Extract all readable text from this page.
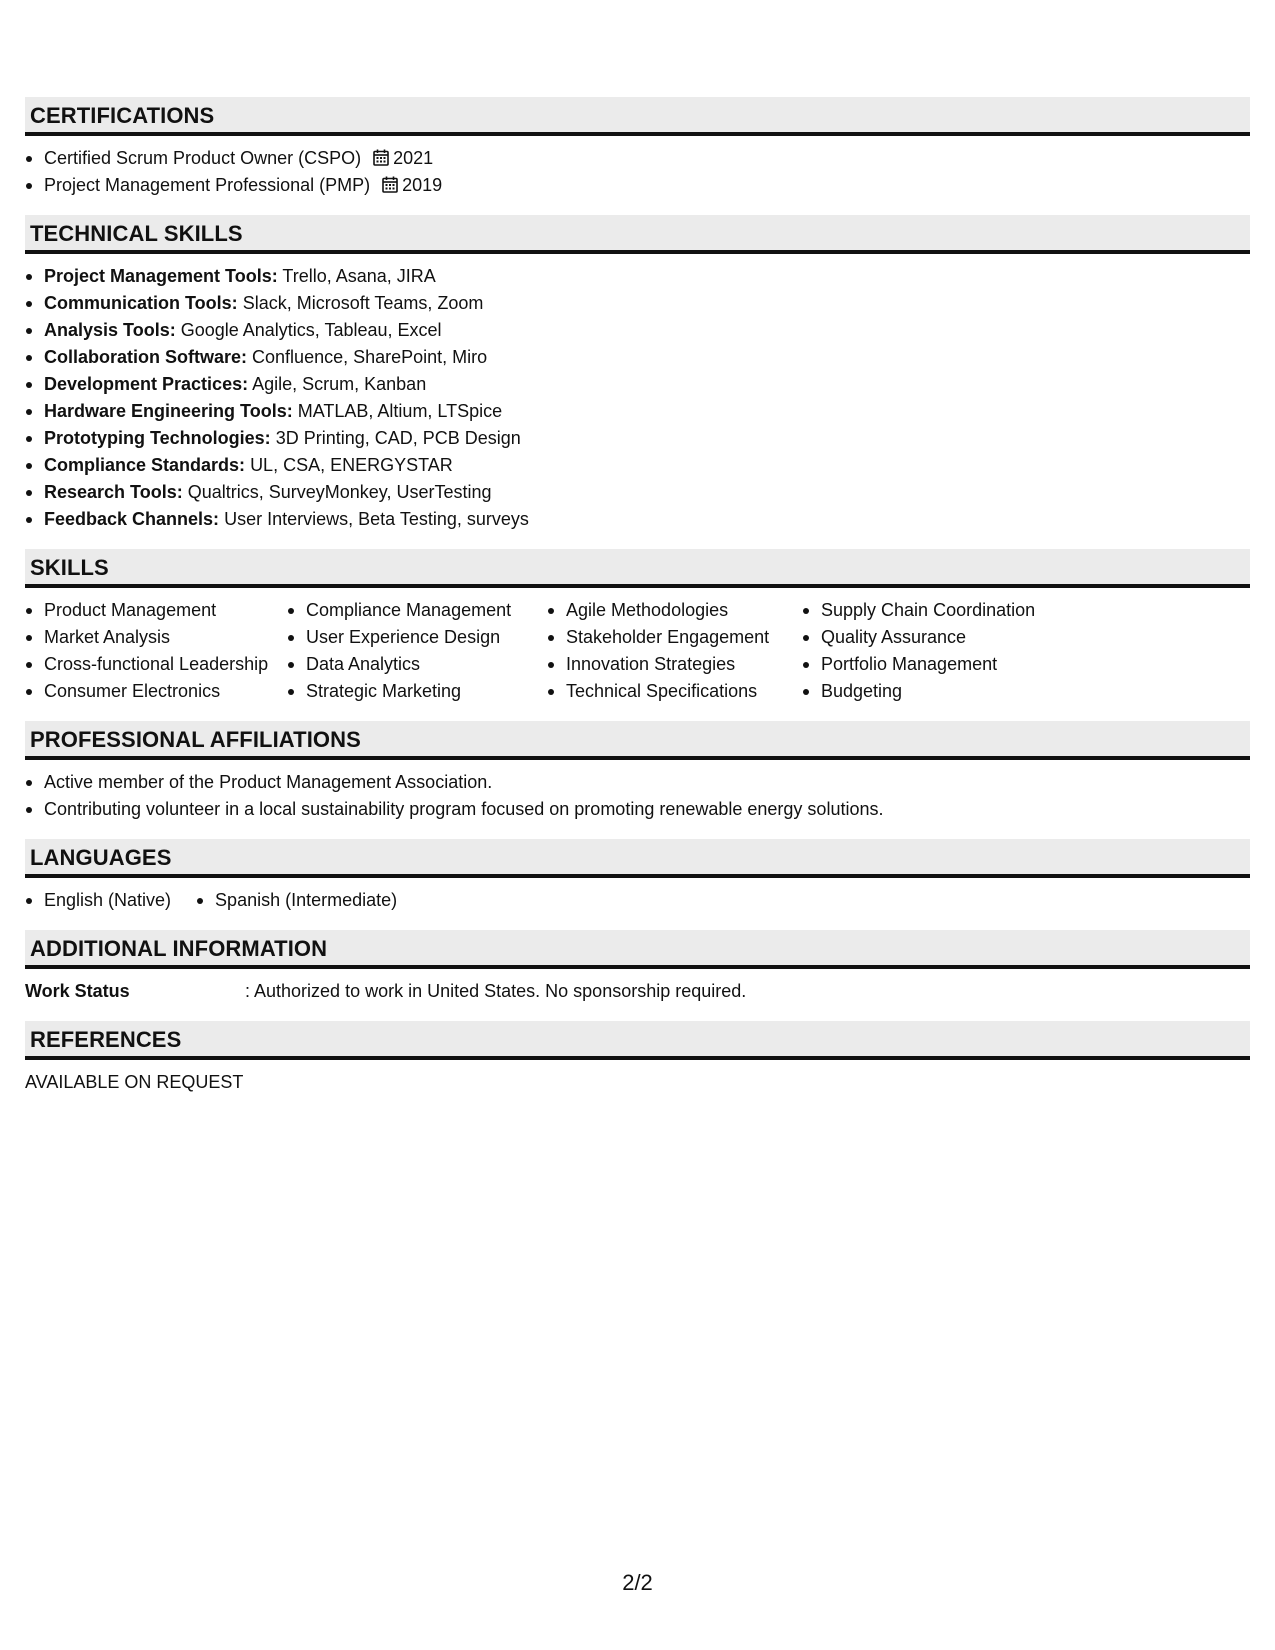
CERTIFICATIONS
Certified Scrum Product Owner (CSPO) 2021
Project Management Professional (PMP) 2019
TECHNICAL SKILLS
Project Management Tools: Trello, Asana, JIRA
Communication Tools: Slack, Microsoft Teams, Zoom
Analysis Tools: Google Analytics, Tableau, Excel
Collaboration Software: Confluence, SharePoint, Miro
Development Practices: Agile, Scrum, Kanban
Hardware Engineering Tools: MATLAB, Altium, LTSpice
Prototyping Technologies: 3D Printing, CAD, PCB Design
Compliance Standards: UL, CSA, ENERGYSTAR
Research Tools: Qualtrics, SurveyMonkey, UserTesting
Feedback Channels: User Interviews, Beta Testing, surveys
SKILLS
Product Management
Market Analysis
Cross-functional Leadership
Consumer Electronics
Compliance Management
User Experience Design
Data Analytics
Strategic Marketing
Agile Methodologies
Stakeholder Engagement
Innovation Strategies
Technical Specifications
Supply Chain Coordination
Quality Assurance
Portfolio Management
Budgeting
PROFESSIONAL AFFILIATIONS
Active member of the Product Management Association.
Contributing volunteer in a local sustainability program focused on promoting renewable energy solutions.
LANGUAGES
English (Native)	Spanish (Intermediate)
ADDITIONAL INFORMATION
Work Status	: Authorized to work in United States. No sponsorship required.
REFERENCES
AVAILABLE ON REQUEST
2/2
